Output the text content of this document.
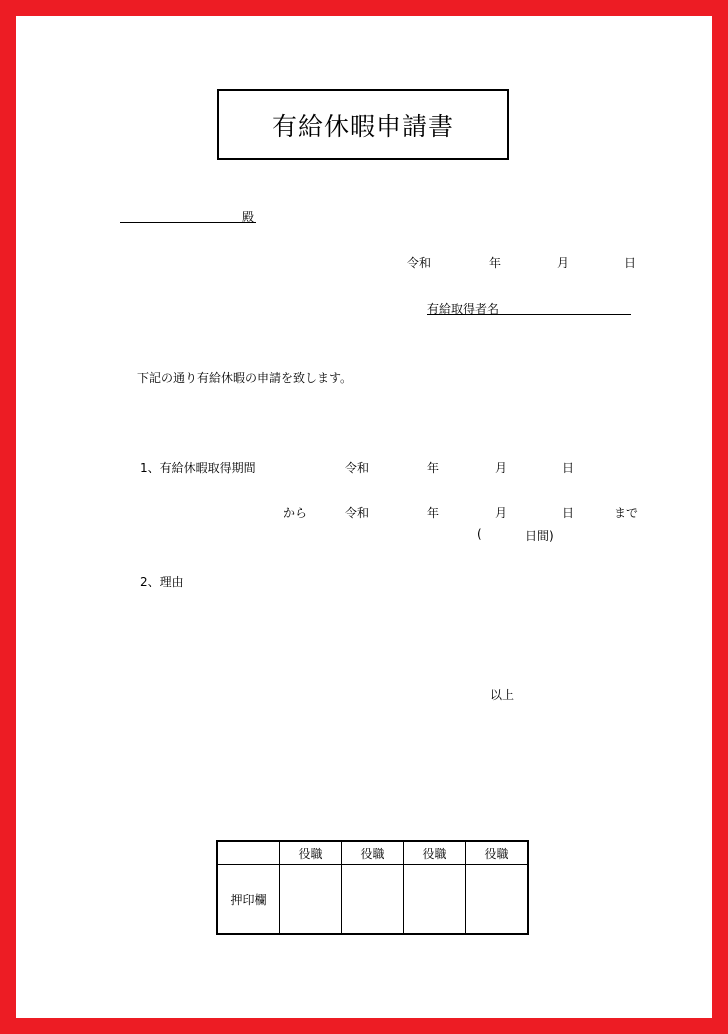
有給休暇申請書
殿
令和	年	月	日
有給取得者名
下記の通り有給休暇の申請を致します。
1、有給休暇取得期間	令和	年	月	日
から	令和	年	月	日	まで
(	日間)
2、理由
以上
	役職	役職	役職	役職
押印欄				
